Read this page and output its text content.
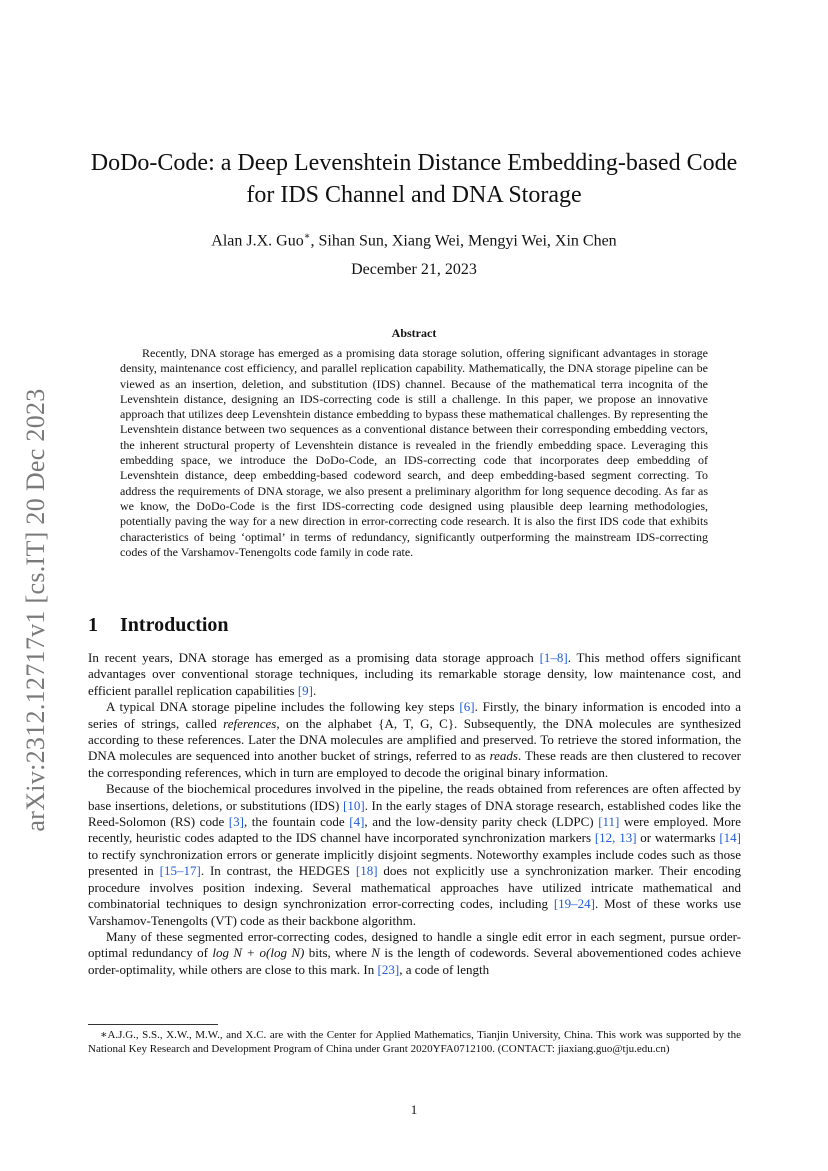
arXiv:2312.12717v1 [cs.IT] 20 Dec 2023
DoDo-Code: a Deep Levenshtein Distance Embedding-based Code
for IDS Channel and DNA Storage
Alan J.X. Guo∗, Sihan Sun, Xiang Wei, Mengyi Wei, Xin Chen
December 21, 2023
Abstract

Recently, DNA storage has emerged as a promising data storage solution, offering significant advantages in storage density, maintenance cost efficiency, and parallel replication capability. Mathematically, the DNA storage pipeline can be viewed as an insertion, deletion, and substitution (IDS) channel. Because of the mathematical terra incognita of the Levenshtein distance, designing an IDS-correcting code is still a challenge. In this paper, we propose an innovative approach that utilizes deep Levenshtein distance embedding to bypass these mathematical challenges. By representing the Levenshtein distance between two sequences as a conventional distance between their corresponding embedding vectors, the inherent structural property of Levenshtein distance is revealed in the friendly embedding space. Leveraging this embedding space, we introduce the DoDo-Code, an IDS-correcting code that incorporates deep embedding of Levenshtein distance, deep embedding-based codeword search, and deep embedding-based segment correcting. To address the requirements of DNA storage, we also present a preliminary algorithm for long sequence decoding. As far as we know, the DoDo-Code is the first IDS-correcting code designed using plausible deep learning methodologies, potentially paving the way for a new direction in error-correcting code research. It is also the first IDS code that exhibits characteristics of being ‘optimal’ in terms of redundancy, significantly outperforming the mainstream IDS-correcting codes of the Varshamov-Tenengolts code family in code rate.

1 Introduction

In recent years, DNA storage has emerged as a promising data storage approach [1–8]. This method offers significant advantages over conventional storage techniques, including its remarkable storage density, low maintenance cost, and efficient parallel replication capabilities [9].

A typical DNA storage pipeline includes the following key steps [6]. Firstly, the binary information is encoded into a series of strings, called references, on the alphabet {A, T, G, C}. Subsequently, the DNA molecules are synthesized according to these references. Later the DNA molecules are amplified and preserved. To retrieve the stored information, the DNA molecules are sequenced into another bucket of strings, referred to as reads. These reads are then clustered to recover the corresponding references, which in turn are employed to decode the original binary information.

Because of the biochemical procedures involved in the pipeline, the reads obtained from references are often affected by base insertions, deletions, or substitutions (IDS) [10]. In the early stages of DNA storage research, established codes like the Reed-Solomon (RS) code [3], the fountain code [4], and the low-density parity check (LDPC) [11] were employed. More recently, heuristic codes adapted to the IDS channel have incorporated synchronization markers [12, 13] or watermarks [14] to rectify synchronization errors or generate implicitly disjoint segments. Noteworthy examples include codes such as those presented in [15–17]. In contrast, the HEDGES [18] does not explicitly use a synchronization marker. Their encoding procedure involves position indexing. Several mathematical approaches have utilized intricate mathematical and combinatorial techniques to design synchronization error-correcting codes, including [19–24]. Most of these works use Varshamov-Tenengolts (VT) code as their backbone algorithm.

Many of these segmented error-correcting codes, designed to handle a single edit error in each segment, pursue order-optimal redundancy of log N + o(log N) bits, where N is the length of codewords. Several abovementioned codes achieve order-optimality, while others are close to this mark. In [23], a code of length

∗A.J.G., S.S., X.W., M.W., and X.C. are with the Center for Applied Mathematics, Tianjin University, China. This work was supported by the National Key Research and Development Program of China under Grant 2020YFA0712100. (CONTACT: jiaxiang.guo@tju.edu.cn)

1
